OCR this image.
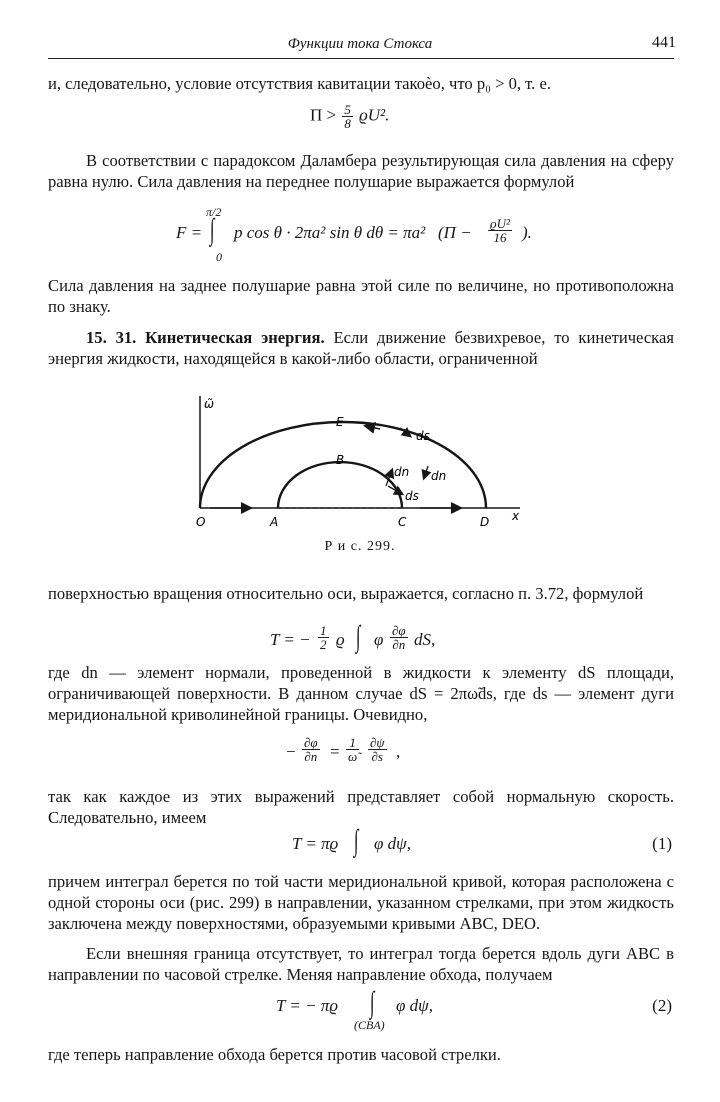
Функции тока Стокса	441

и, следовательно, условие отсутствия кавитации такоѐо, что p₀ > 0, т. е.

$\Pi > \frac{5}{8} ϱU^2$.

В соответствии с парадоксом Даламбера результирующая сила давления на сферу равна нулю. Сила давления на переднее полушарие выражается формулой

π/2
0
F = ∫ p cos θ · 2πa² sin θ dθ = πa² ($\Pi - \frac{\text{ϱU²}}{16}$ ).

Сила давления на заднее полушарие равна этой силе по величине, но противоположна по знаку.

15. 31. Кинетическая энергия. Если движение безвихревое, то кинетическая энергия жидкости, находящейся в какой-либо области, ограниченной

ω̃
E
B
ds
dn dn
ds
O	A	C	D x
Р и с. 299.

поверхностью вращения относительно оси, выражается, согласно п. 3.72, формулой

T = − $\frac{1}{2}$ ϱ ∫ φ $\frac{\partial\varphi}{\partial n}$ dS,

где dn — элемент нормали, проведенной в жидкости к элементу dS площади, ограничивающей поверхности. В данном случае dS = 2πω̃ds, где ds — элемент дуги меридиональной криволинейной границы. Очевидно,

− $\frac{\partial\varphi}{\partial n} = \frac{1}{\omegã} \frac{\partial\psi}{\partial s}$ ,

так как каждое из этих выражений представляет собой нормальную скорость. Следовательно, имеем

T = πϱ ∫ φ dψ,	(1)

причем интеграл берется по той части меридиональной кривой, которая расположена с одной стороны оси (рис. 299) в направлении, указанном стрелками, при этом жидкость заключена между поверхностями, образуемыми кривыми ABC, DEO.

Если внешняя граница отсутствует, то интеграл тогда берется вдоль дуги ABC в направлении по часовой стрелке. Меняя направление обхода, получаем

T = − πϱ ∫
(CBA)
φ dψ,	(2)

где теперь направление обхода берется против часовой стрелки.
